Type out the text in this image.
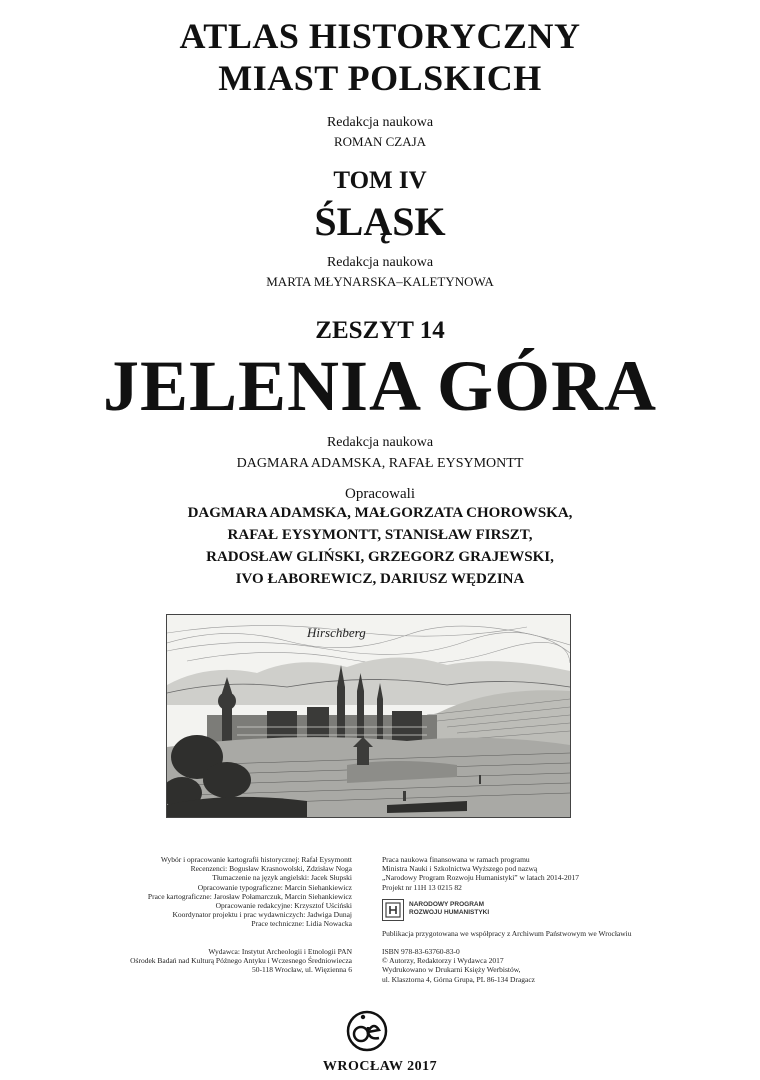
ATLAS HISTORYCZNY
MIAST POLSKICH
Redakcja naukowa
ROMAN CZAJA
TOM IV
ŚLĄSK
Redakcja naukowa
MARTA MŁYNARSKA–KALETYNOWA
ZESZYT 14
JELENIA GÓRA
Redakcja naukowa
DAGMARA ADAMSKA, RAFAŁ EYSYMONTT
Opracowali
DAGMARA ADAMSKA, MAŁGORZATA CHOROWSKA,
RAFAŁ EYSYMONTT, STANISŁAW FIRSZT,
RADOSŁAW GLIŃSKI, GRZEGORZ GRAJEWSKI,
IVO ŁABOREWICZ, DARIUSZ WĘDZINA
Hirschberg
Wybór i opracowanie kartografii historycznej: Rafał Eysymontt
Recenzenci: Bogusław Krasnowolski, Zdzisław Noga
Tłumaczenie na język angielski: Jacek Słupski
Opracowanie typograficzne: Marcin Siehankiewicz
Prace kartograficzne: Jarosław Połamarczuk, Marcin Siehankiewicz
Opracowanie redakcyjne: Krzysztof Uściński
Koordynator projektu i prac wydawniczych: Jadwiga Dunaj
Prace techniczne: Lidia Nowacka
Wydawca: Instytut Archeologii i Etnologii PAN
Ośrodek Badań nad Kulturą Późnego Antyku i Wczesnego Średniowiecza
50-118 Wrocław, ul. Więzienna 6
Praca naukowa finansowana w ramach programu
Ministra Nauki i Szkolnictwa Wyższego pod nazwą
„Narodowy Program Rozwoju Humanistyki” w latach 2014-2017
Projekt nr 11H 13 0215 82
NARODOWY PROGRAM
ROZWOJU HUMANISTYKI
Publikacja przygotowana we współpracy z Archiwum Państwowym we Wrocławiu
ISBN 978-83-63760-83-0
© Autorzy, Redaktorzy i Wydawca 2017
Wydrukowano w Drukarni Księży Werbistów,
ul. Klasztorna 4, Górna Grupa, PL 86-134 Dragacz
WROCŁAW 2017
